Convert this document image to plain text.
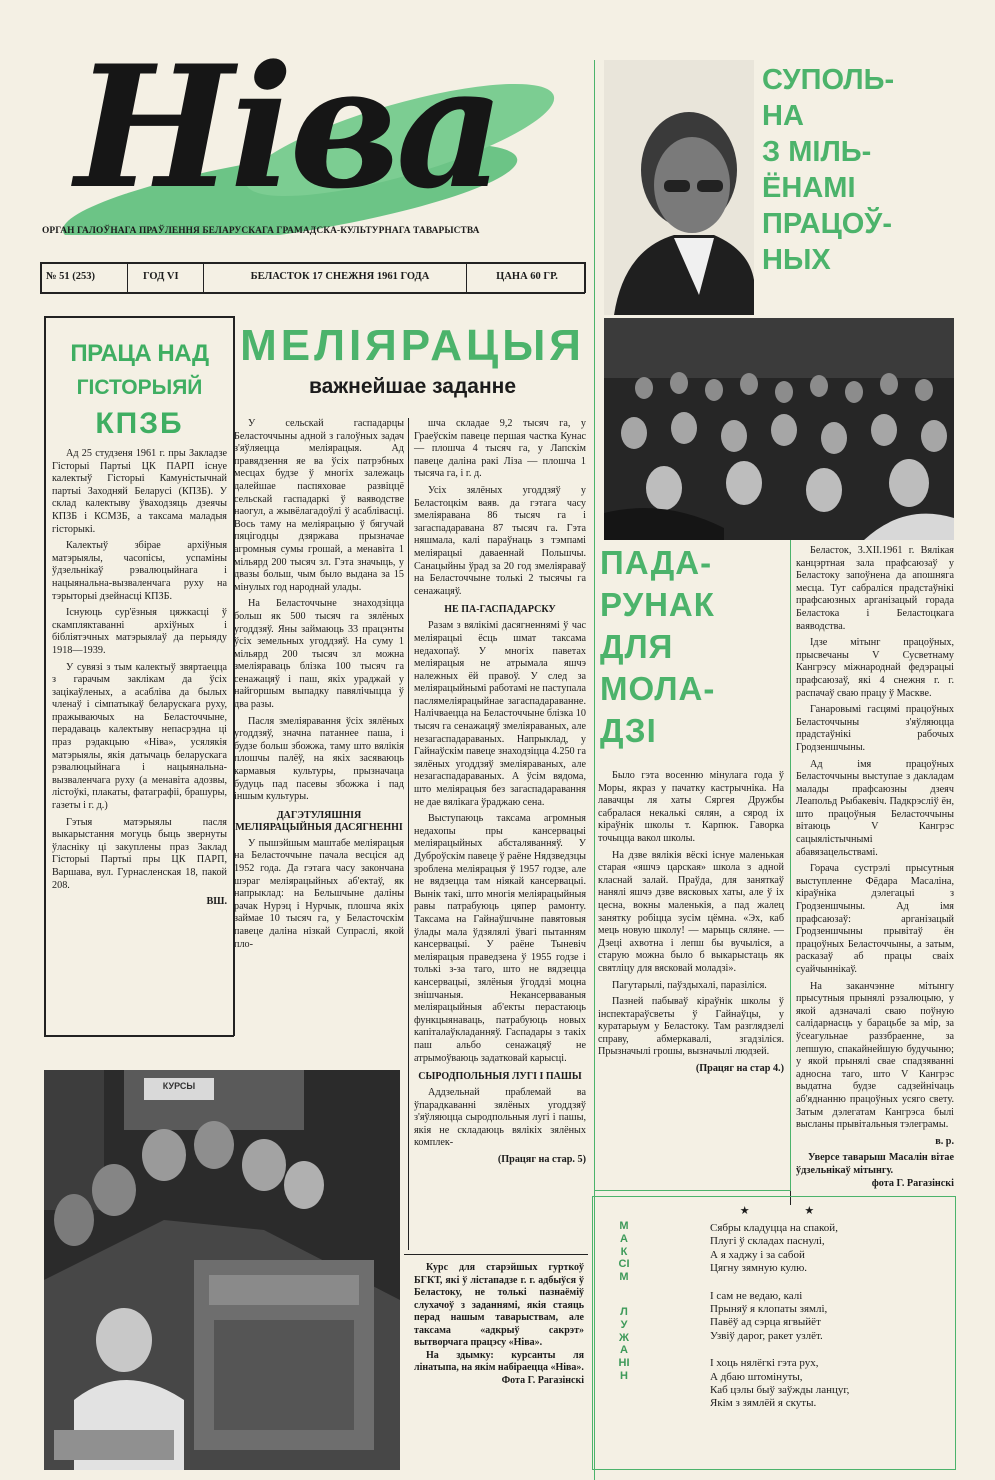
Ніва
ОРГАН ГАЛОЎНАГА ПРАЎЛЕННЯ БЕЛАРУСКАГА ГРАМАДСКА-КУЛЬТУРНАГА ТАВАРЫСТВА
№ 51 (253)	ГОД VI	БЕЛАСТОК 17 СНЕЖНЯ 1961 ГОДА	ЦАНА 60 ГР.
ПРАЦА НАД
ГІСТОРЫЯЙ
КПЗБ

Ад 25 студзеня 1961 г. пры Закладзе Гісторыі Партыі ЦК ПАРП існуе калектыў Гісторыі Камуністычнай партыі Заходняй Беларусі (КПЗБ). У склад калектыву ўваходзяць дзеячы КПЗБ і КСМЗБ, а таксама маладыя гісторыкі.

Калектыў збірае архіўныя матэрыялы, часопісы, успаміны ўдзельнікаў рэвалюцыйнага і нацыянальна-вызваленчага руху на тэрыторыі дзейнасці КПЗБ.

Існуюць сур'ёзныя цяжкасці ў скампляктаванні архіўных і бібліятэчных матэрыялаў да перыяду 1918—1939.

У сувязі з тым калектыў звяртаецца з гарачым заклікам да ўсіх зацікаўленых, а асабліва да былых членаў і сімпатыкаў беларускага руху, пражываючых на Беласточчыне, перадаваць калектыву непасрэдна ці праз рэдакцыю «Ніва», усялякія матэрыялы, якія датычаць беларускага рэвалюцыйнага і нацыянальна-вызваленчага руху (а менавіта адозвы, лістоўкі, плакаты, фатаграфіі, брашуры, газеты і г. д.)

Гэтыя матэрыялы пасля выкарыстання могуць быць звернуты ўласніку ці закуплены праз Заклад Гісторыі Партыі пры ЦК ПАРП, Варшава, вул. Гурнасленская 18, пакой 208.

ВШ.
МЕЛІЯРАЦЫЯ
важнейшае заданне

У сельскай гаспадарцы Беласточчыны адной з галоўных задач з'яўляецца меліярацыя. Ад правядзення яе ва ўсіх патрэбных месцах будзе ў многіх залежаць далейшае паспяховае развіццё сельскай гаспадаркі ў ваяводстве наогул, а жывёлагадоўлі ў асаблівасці. Вось таму на меліярацыю ў бягучай пяцігодцы дзяржава прызначае агромныя сумы грошай, а менавіта 1 мільярд 200 тысяч зл. Гэта значыць, у двазы больш, чым было выдана за 15 мінулых год народнай улады.

На Беласточчыне знаходзіцца больш як 500 тысяч га зялёных угоддзяў. Яны займаюць 33 працэнты ўсіх земельных угоддзяў. На суму 1 мільярд 200 тысяч зл можна змеліяраваць блізка 100 тысяч га сенажацяў і паш, якіх ураджай у найгоршым выпадку павялічыцца ў два разы.

Пасля змеліяравання ўсіх зялёных угоддзяў, значна патаннее паша, і будзе больш збожжа, таму што вялікія плошчы палёў, на якіх засяваюць кармавыя культуры, прызначаца будуць пад пасевы збожжа і пад іншым культуры.

ДАГЭТУЛЯШНІЯ МЕЛІЯРАЦЫЙНЫЯ ДАСЯГНЕННІ

У пышэйшым маштабе меліярацыя на Беласточчыне пачала весціся ад 1952 года. Да гэтага часу закончана шэраг меліярацыйных аб'ектаў, як напрыклад: на Бельшчыне даліны рачак Нурэц і Нурчык, плошча якіх займае 10 тысяч га, у Беласточскім павеце даліна нізкай Супраслі, якой пло-

шча складае 9,2 тысяч га, у Граеўскім павеце першая частка Кунас — плошча 4 тысяч га, у Лапскім павеце даліна ракі Ліза — плошча 1 тысяча га, і г. д.

Усіх зялёных угоддзяў у Беластоцкім ваяв. да гэтага часу змеліяравана 86 тысяч га і загаспадаравана 87 тысяч га. Гэта няшмала, калі параўнаць з тэмпамі меліярацыі даваеннай Польшчы. Санацыйны ўрад за 20 год змеліяраваў на Беласточчыне толькі 2 тысячы га сенажацяў.

НЕ ПА-ГАСПАДАРСКУ

Разам з вялікімі дасягненнямі ў час меліярацыі ёсць шмат таксама недахопаў. У многіх паветах меліярацыя не атрымала яшчэ належных ёй правоў. У след за меліярацыйнымі работамі не паступала паслямеліярацыйнае загаспадараванне. Налічваецца на Беласточчыне блізка 10 тысяч га сенажацяў змеліяраваных, але незагаспадараваных. Напрыклад, у Гайнаўскім павеце знаходзіцца 4.250 га зялёных угоддзяў змеліяраваных, але незагаспадараваных. А ўсім вядома, што меліярацыя без загаспадаравання не дае вялікага ўраджаю сена.

Выступаюць таксама агромныя недахопы пры кансервацыі меліярацыйных абсталяванняў. У Дуброўскім павеце ў раёне Нядзведзцы зроблена меліярацыя ў 1957 годзе, але не вядзецца там ніякай кансервацыі. Вынік такі, што многія меліярацыйныя равы патрабуюць цяпер рамонту. Таксама на Гайнаўшчыне павятовыя ўлады мала ўдзялялі ўвагі пытанням кансервацыі. У раёне Тыневіч меліярацыя праведзена ў 1955 годзе і толькі з-за таго, што не вядзецца кансервацыі, зялёныя ўгоддзі моцна знішчаныя. Некансерваваныя меліярацыйныя аб'екты перастаюць функцыянаваць, патрабуюць новых капіталаўкладанняў. Гаспадары з такіх паш альбо сенажацяў не атрымоўваюць задатковай карысці.

СЫРОДПОЛЬНЫЯ ЛУГІ І ПАШЫ

Аддзельнай праблемай ва ўпарадкаванні зялёных угоддзяў з'яўляюцца сыродпольныя лугі і пашы, якія не складаюць вялікіх зялёных комплек-

(Працяг на стар. 5)
КУРСЫ
Курс для старэйшых гурткоў БГКТ, які ў лістападзе г. г. адбыўся ў Беластоку, не толькі пазнаёміў слухачоў з заданнямі, якія стаяць перад нашым таварыствам, але таксама «адкрыў сакрэт» вытворчага працэсу «Ніва».
На здымку: курсанты ля лінатыпа, на якім набіраецца «Ніва».
Фота Г. Рагазінскі
СУПОЛЬ-
НА
З МІЛЬ-
ЁНАМІ
ПРАЦОЎ-
НЫХ

Беласток, 3.XII.1961 г. Вялікая канцэртная зала прафсаюзаў у Беластоку запоўнена да апошняга месца. Тут сабраліся прадстаўнікі прафсаюзных арганізацый горада Беластока і Беластоцкага ваяводства.

Ідзе мітынг працоўных, прысвечаны V Сусветнаму Кангрэсу міжнароднай федэрацыі прафсаюзаў, які 4 снежня г. г. распачаў сваю працу ў Маскве.

Ганаровымі гасцямі працоўных Беласточчыны з'яўляюцца прадстаўнікі рабочых Гродзеншчыны.

Ад імя працоўных Беласточчыны выступае з дакладам малады прафсаюзны дзеяч Леапольд Рыбакевіч. Падкрэсліў ён, што працоўныя Беласточчыны вітаюць V Кангрэс сацыялістычнымі абавязацельствамі.

Горача сустрэлі прысутныя выступленне Фёдара Масаліна, кіраўніка дэлегацыі з Гродзеншчыны. Ад імя прафсаюзаў: арганізацый Гродзеншчыны прывітаў ён працоўных Беласточчыны, а затым, расказаў аб працы сваіх суайчыннікаў.

На заканчэнне мітынгу прысутныя прынялі рэзалюцыю, у якой адзначалі сваю поўную салідарнасць у барацьбе за мір, за ўсеагульнае раззбраенне, за лепшую, спакайнейшую будучыню; у якой прынялі свае спадзяванні адносна таго, што V Кангрэс выдатна будзе садзейнічаць аб'яднанню працоўных усяго свету. Затым дэлегатам Кангрэса былі высланы прывітальныя тэлеграмы.

в. р.
Уверсе таварыш Масалін вітае ўдзельнікаў мітынгу.
фота Г. Рагазінскі
ПАДА-
РУНАК
ДЛЯ
МОЛА-
ДЗІ

Было гэта восенню мінулага года ў Моры, якраз у пачатку кастрычніка. На лавачцы ля хаты Сяргея Дружбы сабралася некалькі сялян, а сярод іх кіраўнік школы т. Карпюк. Гаворка точыцца вакол школы.

На дзве вялікія вёскі існуе маленькая старая «яшчэ царская» школа з адной класнай залай. Праўда, для заняткаў нанялі яшчэ дзве вясковых хаты, але ў іх цесна, вокны маленькія, а пад жалец занятку робіцца зусім цёмна. «Эх, каб мець новую школу! — марыць сяляне. — Дзеці ахвотна і лепш бы вучыліся, а старую можна было б выкарыстаць як святліцу для вясковай моладзі».

Пагутарылі, паўздыхалі, паразіліся.

Пазней пабываў кіраўнік школы ў інспектараўсветы ў Гайнаўцы, у куратарыум у Беластоку. Там разглядзелі справу, абмеркавалі, згадзіліся. Прызначылі грошы, вызначылі людзей.

(Працяг на стар 4.)
★ ★
МАКСІМ
ЛУЖАНІН
Сябры кладуцца на спакой,
Плугі ў складах паснулі,
А я хаджу і за сабой
Цягну зямную кулю.
І сам не ведаю, калі
Прыняў я клопаты зямлі,
Павёў ад сэрца ягвыйёт
Узвіў дарог, ракет узлёт.
І хоць нялёгкі гэта рух,
А дбаю штомінуты,
Каб цэлы быў заўжды ланцуг,
Якім з зямлёй я скуты.
